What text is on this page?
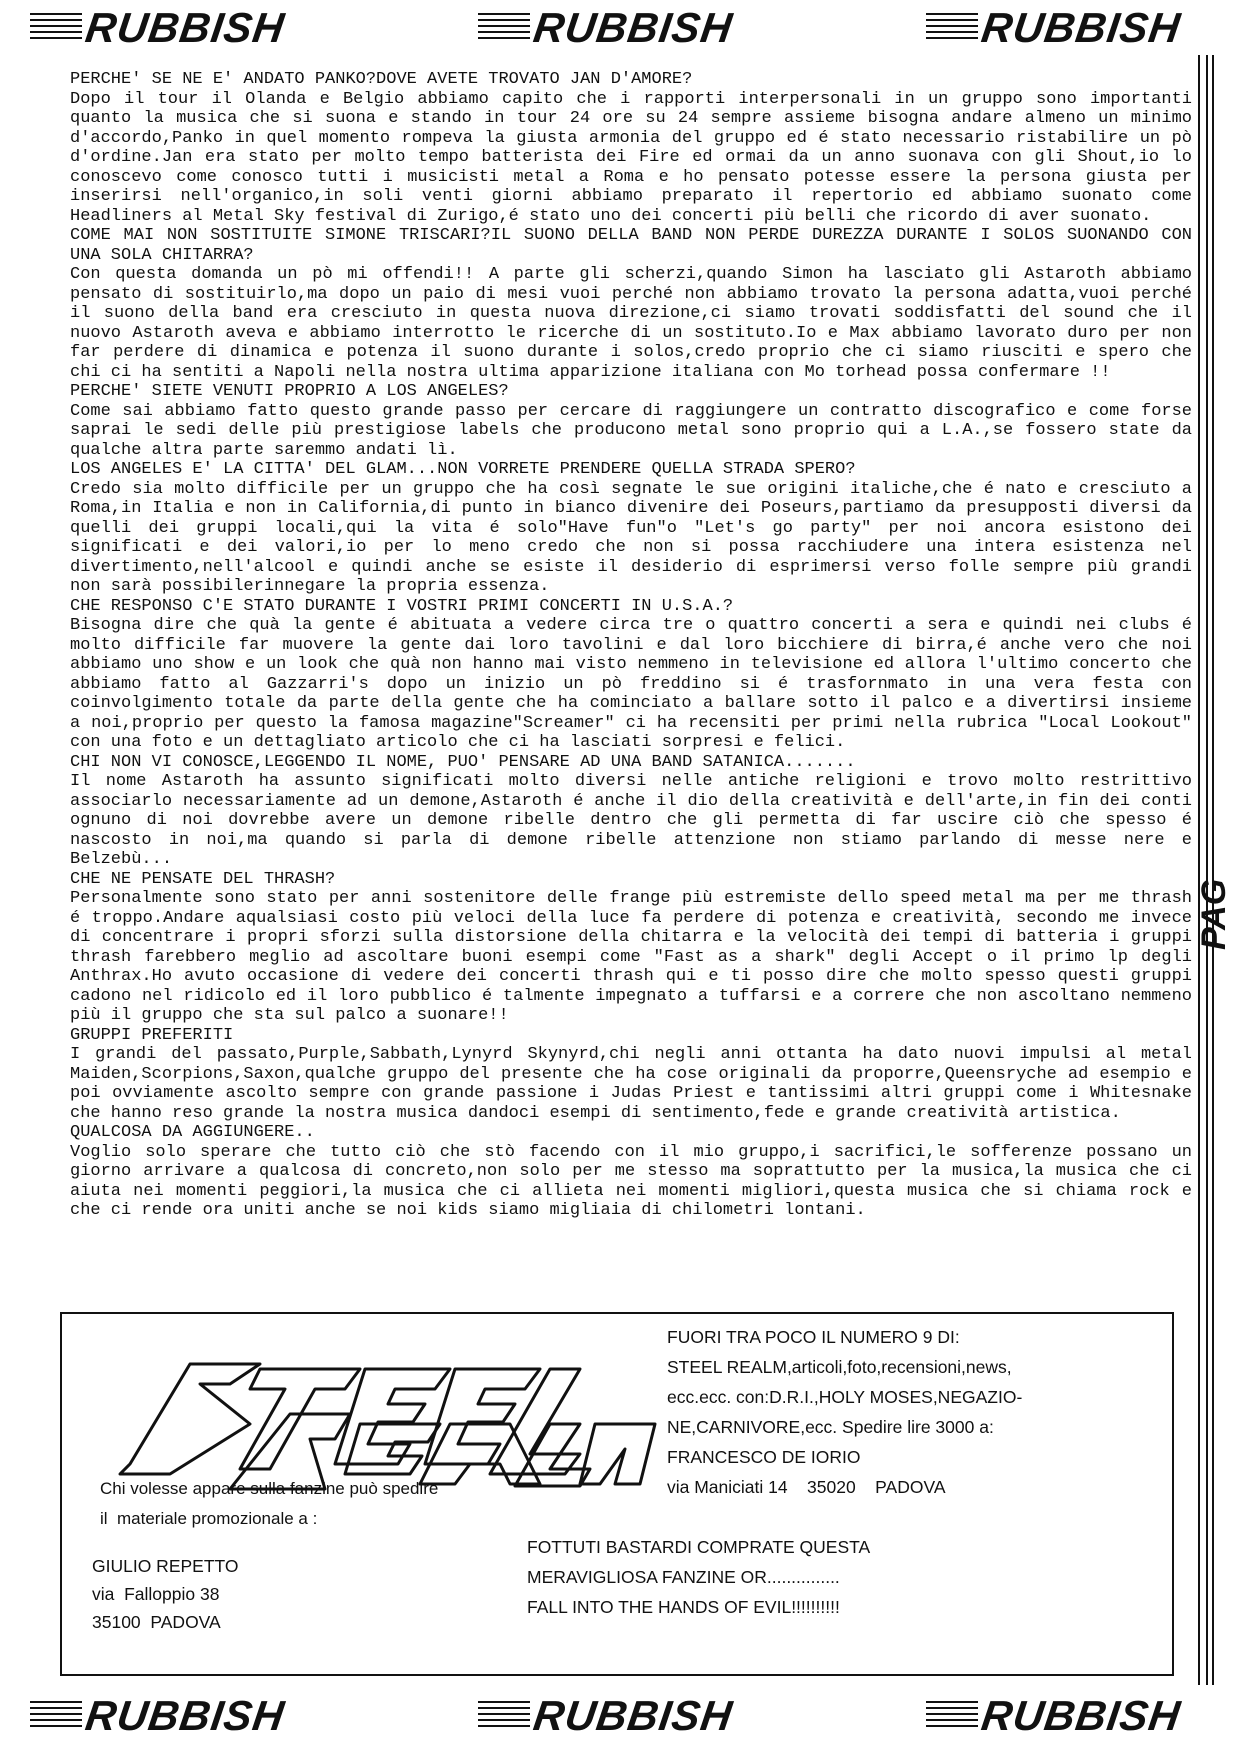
RUBBISH	RUBBISH	RUBBISH
PAG

PERCHE' SE NE E' ANDATO PANKO?DOVE AVETE TROVATO JAN D'AMORE?

Dopo il tour il Olanda e Belgio abbiamo capito che i rapporti interpersonali in un gruppo sono importanti quanto la musica che si suona e stando in tour 24 ore su 24 sempre assieme bisogna andare almeno un minimo d'accordo,Panko in quel momento rompeva la giusta armonia del gruppo ed é stato necessario ristabilire un pò d'ordine.Jan era stato per molto tempo batterista dei Fire ed ormai da un anno suonava con gli Shout,io lo conoscevo come conosco tutti i musicisti metal a Roma e ho pensato potesse essere la persona giusta per inserirsi nell'organico,in soli venti giorni abbiamo preparato il repertorio ed abbiamo suonato come Headliners al Metal Sky festival di Zurigo,é stato uno dei concerti più belli che ricordo di aver suonato.

COME MAI NON SOSTITUITE SIMONE TRISCARI?IL SUONO DELLA BAND NON PERDE DUREZZA DURANTE I SOLOS SUONANDO CON UNA SOLA CHITARRA?

Con questa domanda un pò mi offendi!! A parte gli scherzi,quando Simon ha lasciato gli Astaroth abbiamo pensato di sostituirlo,ma dopo un paio di mesi vuoi perché non abbiamo trovato la persona adatta,vuoi perché il suono della band era cresciuto in questa nuova direzione,ci siamo trovati soddisfatti del sound che il nuovo Astaroth aveva e abbiamo interrotto le ricerche di un sostituto.Io e Max abbiamo lavorato duro per non far perdere di dinamica e potenza il suono durante i solos,credo proprio che ci siamo riusciti e spero che chi ci ha sentiti a Napoli nella nostra ultima apparizione italiana con Mo torhead possa confermare !!

PERCHE' SIETE VENUTI PROPRIO A LOS ANGELES?

Come sai abbiamo fatto questo grande passo per cercare di raggiungere un contratto discografico e come forse saprai le sedi delle più prestigiose labels che producono metal sono proprio qui a L.A.,se fossero state da qualche altra parte saremmo andati lì.

LOS ANGELES E' LA CITTA' DEL GLAM...NON VORRETE PRENDERE QUELLA STRADA SPERO?

Credo sia molto difficile per un gruppo che ha così segnate le sue origini italiche,che é nato e cresciuto a Roma,in Italia e non in California,di punto in bianco divenire dei Poseurs,partiamo da presupposti diversi da quelli dei gruppi locali,qui la vita é solo"Have fun"o "Let's go party" per noi ancora esistono dei significati e dei valori,io per lo meno credo che non si possa racchiudere una intera esistenza nel divertimento,nell'alcool e quindi anche se esiste il desiderio di esprimersi verso folle sempre più grandi non sarà possibilerinnegare la propria essenza.

CHE RESPONSO C'E STATO DURANTE I VOSTRI PRIMI CONCERTI IN U.S.A.?

Bisogna dire che quà la gente é abituata a vedere circa tre o quattro concerti a sera e quindi nei clubs é molto difficile far muovere la gente dai loro tavolini e dal loro bicchiere di birra,é anche vero che noi abbiamo uno show e un look che quà non hanno mai visto nemmeno in televisione ed allora l'ultimo concerto che abbiamo fatto al Gazzarri's dopo un inizio un pò freddino si é trasfornmato in una vera festa con coinvolgimento totale da parte della gente che ha cominciato a ballare sotto il palco e a divertirsi insieme a noi,proprio per questo la famosa magazine"Screamer" ci ha recensiti per primi nella rubrica "Local Lookout" con una foto e un dettagliato articolo che ci ha lasciati sorpresi e felici.

CHI NON VI CONOSCE,LEGGENDO IL NOME, PUO' PENSARE AD UNA BAND SATANICA.......

Il nome Astaroth ha assunto significati molto diversi nelle antiche religioni e trovo molto restrittivo associarlo necessariamente ad un demone,Astaroth é anche il dio della creatività e dell'arte,in fin dei conti ognuno di noi dovrebbe avere un demone ribelle dentro che gli permetta di far uscire ciò che spesso é nascosto in noi,ma quando si parla di demone ribelle attenzione non stiamo parlando di messe nere e Belzebù...

CHE NE PENSATE DEL THRASH?

Personalmente sono stato per anni sostenitore delle frange più estremiste dello speed metal ma per me thrash é troppo.Andare aqualsiasi costo più veloci della luce fa perdere di potenza e creatività, secondo me invece di concentrare i propri sforzi sulla distorsione della chitarra e la velocità dei tempi di batteria i gruppi thrash farebbero meglio ad ascoltare buoni esempi come "Fast as a shark" degli Accept o il primo lp degli Anthrax.Ho avuto occasione di vedere dei concerti thrash qui e ti posso dire che molto spesso questi gruppi cadono nel ridicolo ed il loro pubblico é talmente impegnato a tuffarsi e a correre che non ascoltano nemmeno più il gruppo che sta sul palco a suonare!!

GRUPPI PREFERITI

I grandi del passato,Purple,Sabbath,Lynyrd Skynyrd,chi negli anni ottanta ha dato nuovi impulsi al metal Maiden,Scorpions,Saxon,qualche gruppo del presente che ha cose originali da proporre,Queensryche ad esempio e poi ovviamente ascolto sempre con grande passione i Judas Priest e tantissimi altri gruppi come i Whitesnake che hanno reso grande la nostra musica dandoci esempi di sentimento,fede e grande creatività artistica.

QUALCOSA DA AGGIUNGERE..

Voglio solo sperare che tutto ciò che stò facendo con il mio gruppo,i sacrifici,le sofferenze possano un giorno arrivare a qualcosa di concreto,non solo per me stesso ma soprattutto per la musica,la musica che ci aiuta nei momenti peggiori,la musica che ci allieta nei momenti migliori,questa musica che si chiama rock e che ci rende ora uniti anche se noi kids siamo migliaia di chilometri lontani.

FUORI TRA POCO IL NUMERO 9 DI:
STEEL REALM,articoli,foto,recensioni,news,
ecc.ecc. con:D.R.I.,HOLY MOSES,NEGAZIO-
NE,CARNIVORE,ecc. Spedire lire 3000 a:
FRANCESCO DE IORIO
via Maniciati 14    35020    PADOVA
Chi volesse appare sulla fanzine può spedire
il  materiale promozionale a :
GIULIO REPETTO
via  Falloppio 38
35100  PADOVA
FOTTUTI BASTARDI COMPRATE QUESTA
MERAVIGLIOSA FANZINE OR...............
FALL INTO THE HANDS OF EVIL!!!!!!!!!!
RUBBISH	RUBBISH	RUBBISH
